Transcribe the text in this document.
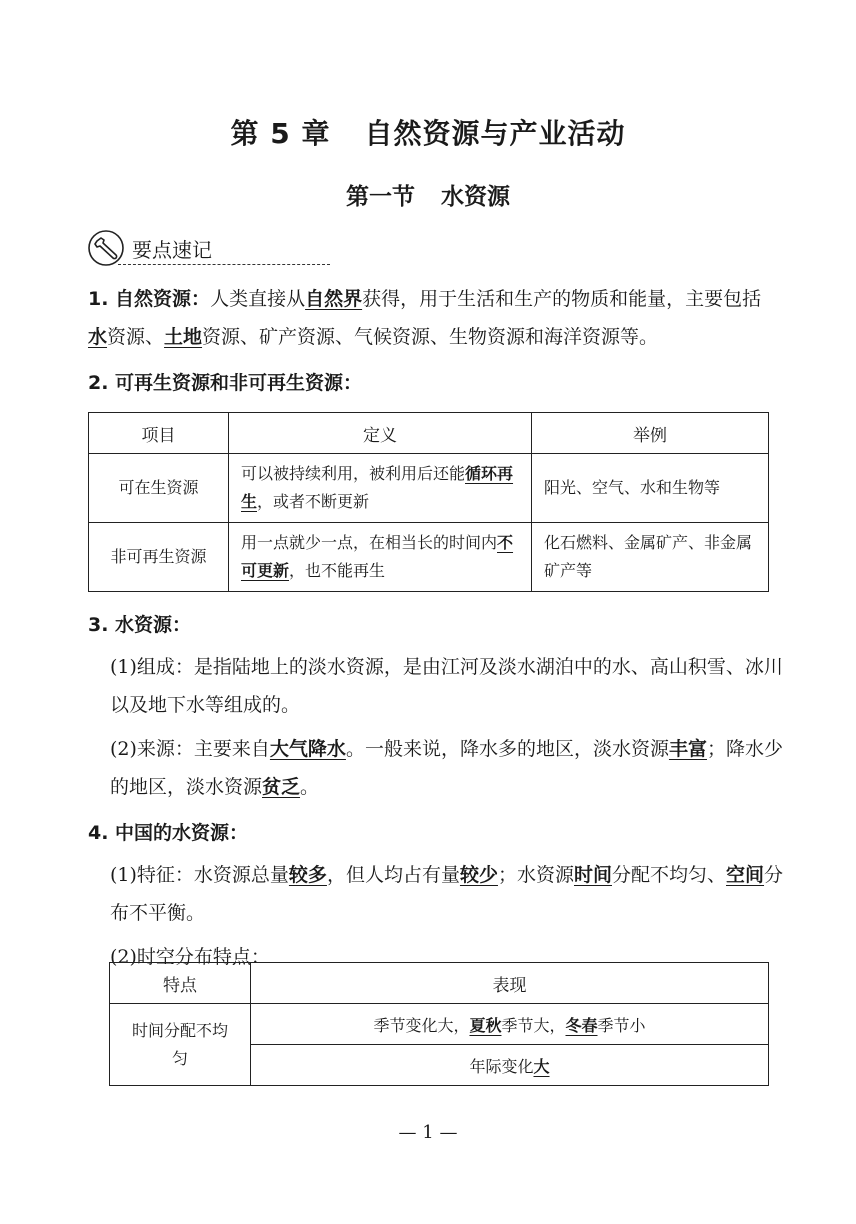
第 5 章 自然资源与产业活动
第一节 水资源
要点速记
1. 自然资源：人类直接从自然界获得，用于生活和生产的物质和能量，主要包括水资源、土地资源、矿产资源、气候资源、生物资源和海洋资源等。
2. 可再生资源和非可再生资源：
项目	定义	举例
可在生资源	可以被持续利用，被利用后还能循环再生，或者不断更新	阳光、空气、水和生物等
非可再生资源	用一点就少一点，在相当长的时间内不可更新，也不能再生	化石燃料、金属矿产、非金属矿产等
3. 水资源：
(1)组成：是指陆地上的淡水资源，是由江河及淡水湖泊中的水、高山积雪、冰川以及地下水等组成的。
(2)来源：主要来自大气降水。一般来说，降水多的地区，淡水资源丰富；降水少的地区，淡水资源贫乏。
4. 中国的水资源：
(1)特征：水资源总量较多，但人均占有量较少；水资源时间分配不均匀、空间分布不平衡。
(2)时空分布特点：
特点	表现
时间分配不均匀	季节变化大，夏秋季节大，冬春季节小
	年际变化大
— 1 —
